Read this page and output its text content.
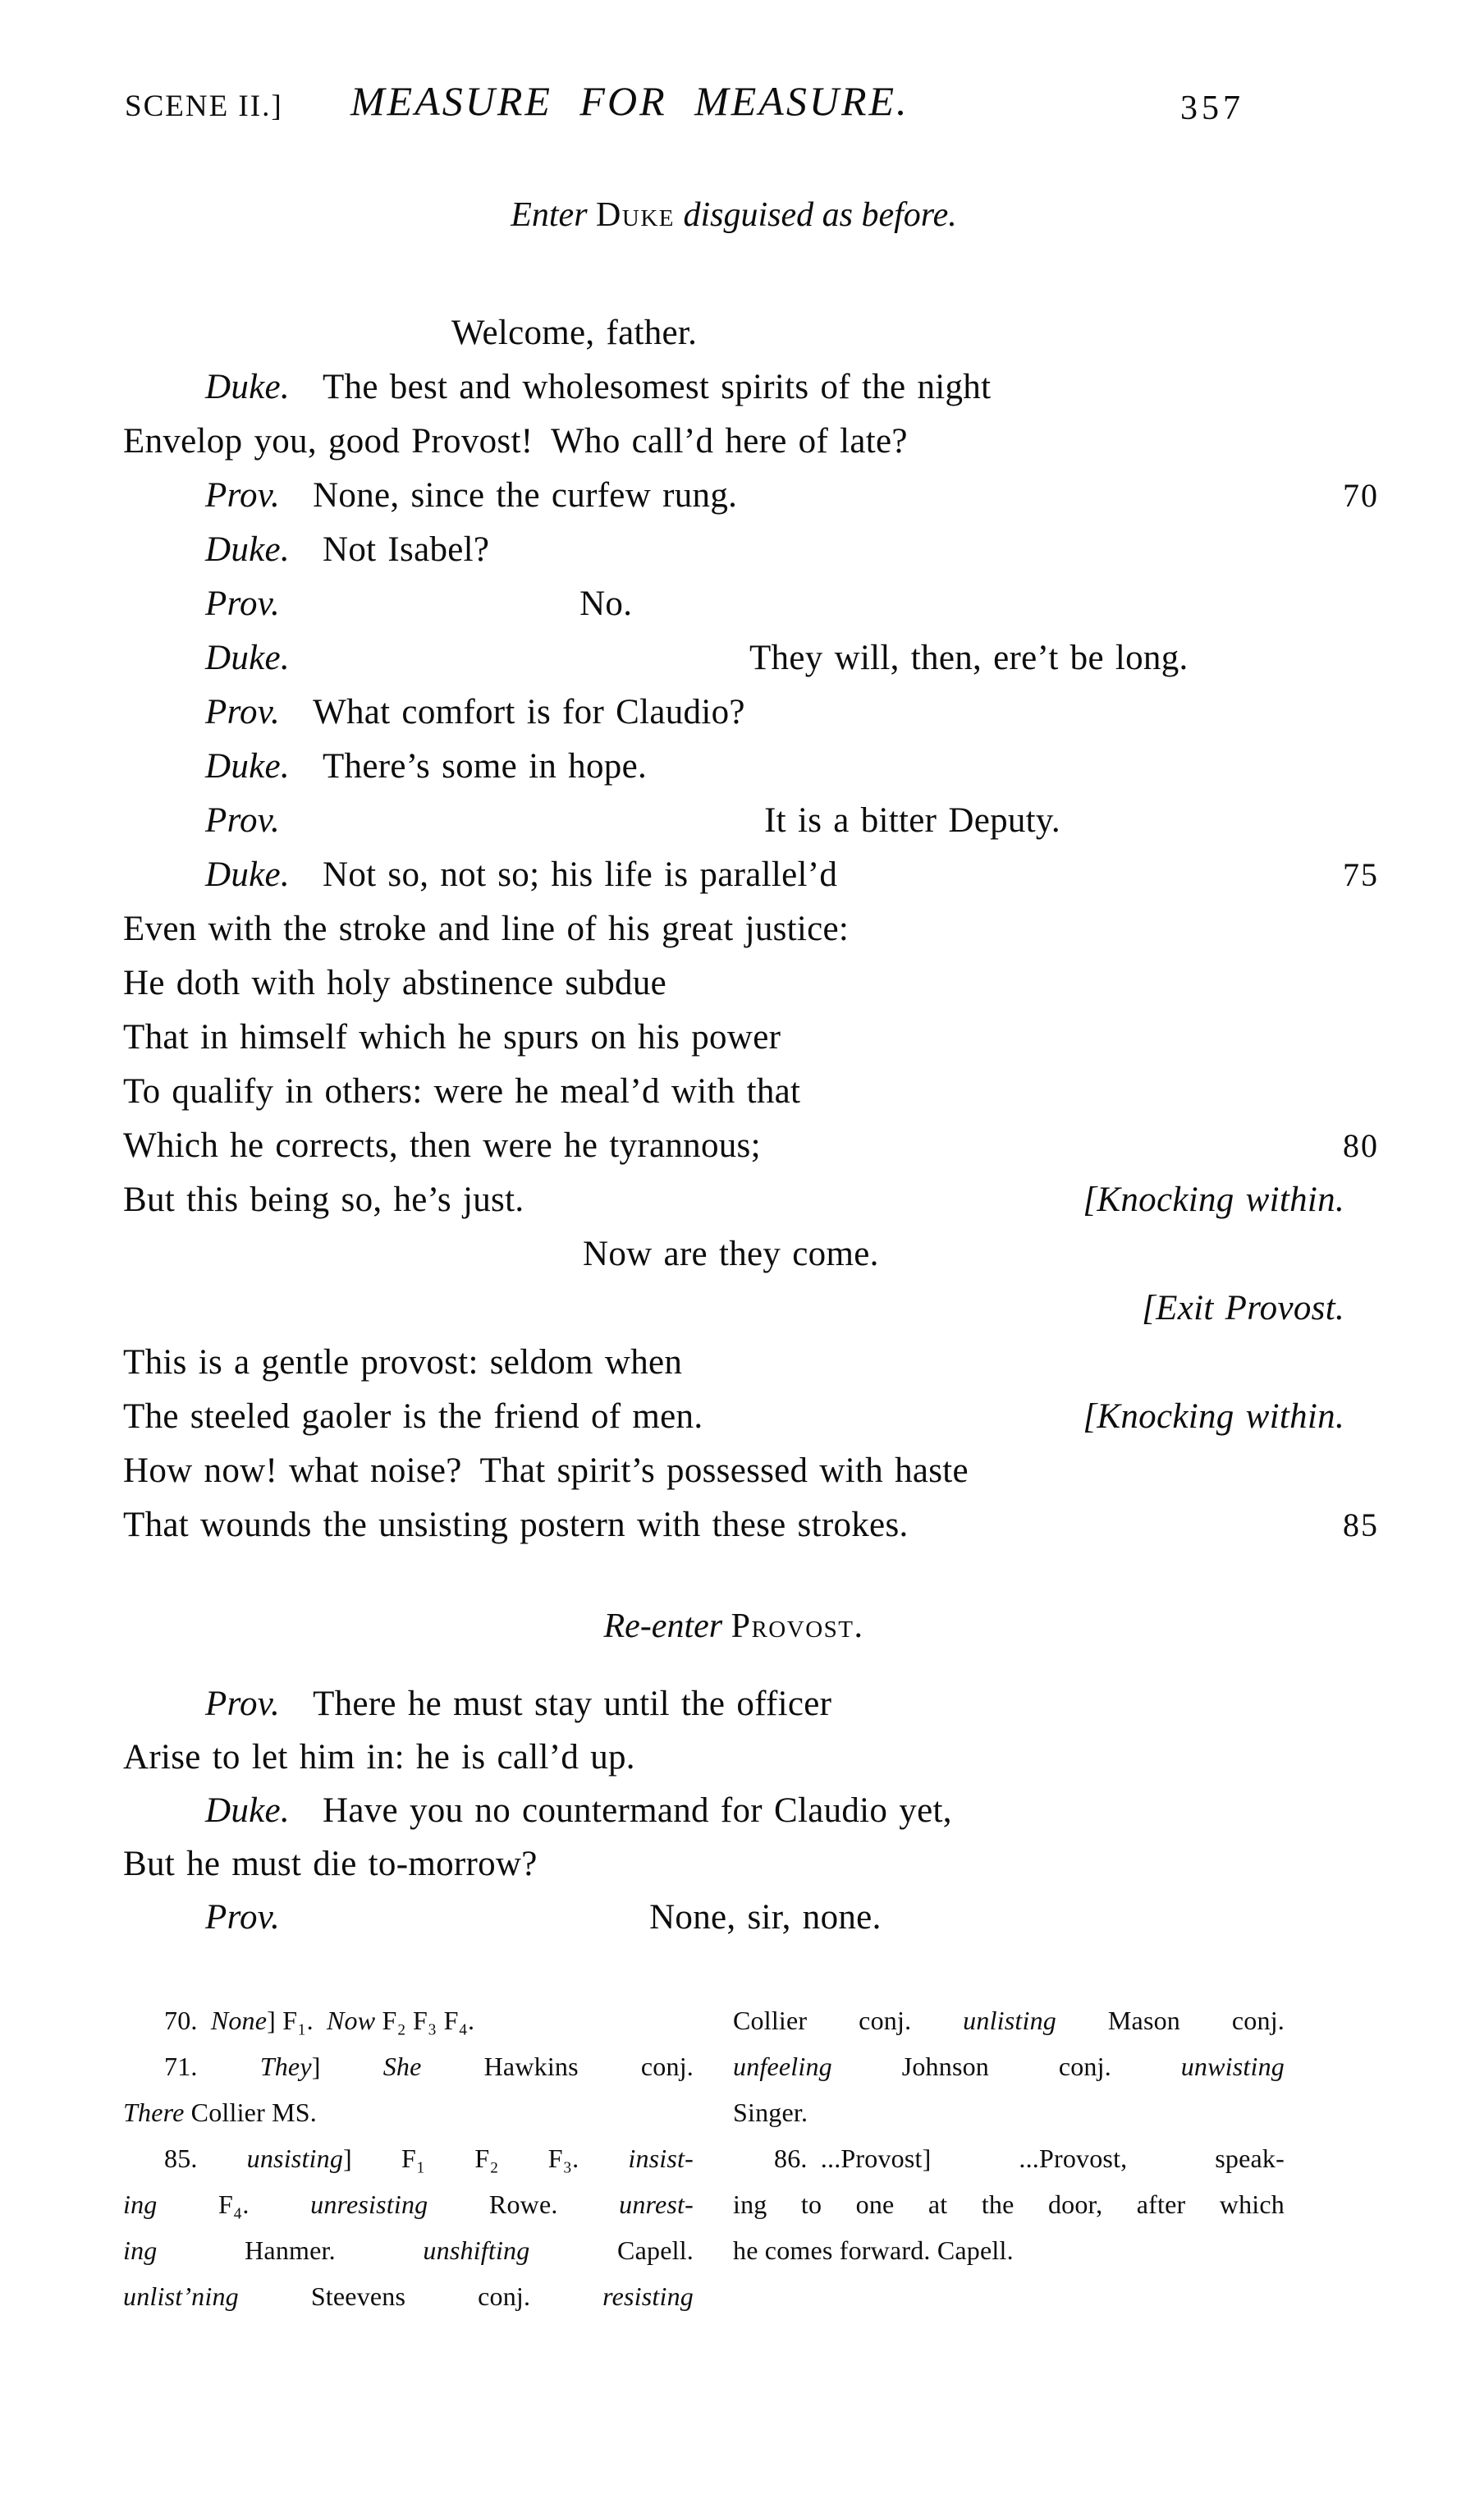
SCENE II.] MEASURE FOR MEASURE.	357
Enter Duke disguised as before.

Welcome, father.

Duke. The best and wholesomest spirits of the night

Envelop you, good Provost! Who call’d here of late?

Prov. None, since the curfew rung.	70

Duke. Not Isabel?

Prov.	No.

Duke.	They will, then, ere’t be long.

Prov. What comfort is for Claudio?

Duke. There’s some in hope.

Prov.	It is a bitter Deputy.

Duke. Not so, not so; his life is parallel’d	75

Even with the stroke and line of his great justice:

He doth with holy abstinence subdue

That in himself which he spurs on his power

To qualify in others: were he meal’d with that

Which he corrects, then were he tyrannous;	80

But this being so, he’s just.	[Knocking within.

Now are they come.

[Exit Provost.

This is a gentle provost: seldom when

The steeled gaoler is the friend of men.	[Knocking within.

How now! what noise? That spirit’s possessed with haste

That wounds the unsisting postern with these strokes.	85

Re-enter Provost.

Prov. There he must stay until the officer

Arise to let him in: he is call’d up.

Duke. Have you no countermand for Claudio yet,

But he must die to-morrow?

Prov.	None, sir, none.

70. None] F₁. Now F₂ F₃ F₄.

71. They] She Hawkins conj.

There Collier MS.

85. unsisting] F₁ F₂ F₃. insist-

ing F₄. unresisting Rowe. unrest-

ing Hanmer. unshifting Capell.

unlist’ning Steevens conj. resisting

Collier conj. unlisting Mason conj.

unfeeling Johnson conj. unwisting

Singer.

86. ...Provost] ...Provost, speak-

ing to one at the door, after which

he comes forward. Capell.
